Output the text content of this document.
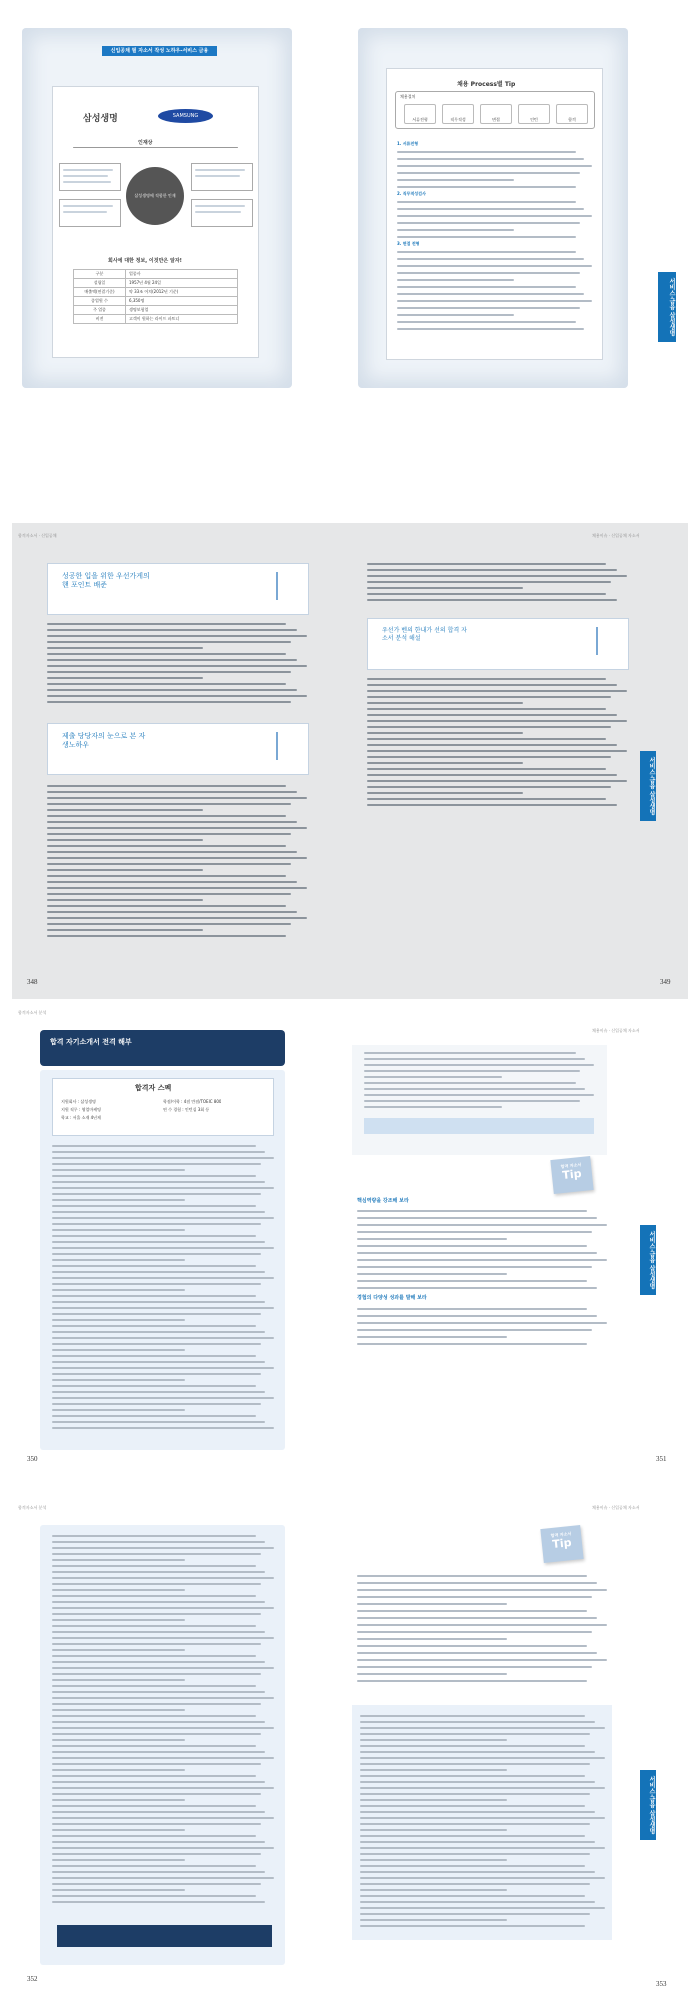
신입공채 필 자소서 작성 노하우-서비스 금융
삼성생명	SAMSUNG
인재상
삼성생명에 적합한 인재
회사에 대한 정보, 이것만은 알자!
구분	업종사
설립일	1957년 4월 24일
매출액(연결기준)	약 33조 어치(2012년 기준)
종업원 수	6,350명
주 업종	생명보험업
비전	고객이 원하는 라이프 파트너
채용 Process별 Tip
채용절차
서류전형	직무적성	면접	인턴	합격
1. 서류전형
2. 직무적성검사
3. 면접 전형
서비스·금융 삼성생명
합격자소서 · 신입공채	채용이슈 · 신입공채 자소서
성공한 입을 위한 우선가게의 핸 포인트 배준
제출 당당자의 눈으로 본 자 생노하우
348
우선가 벤의 한내가 선의 합격 자소서 분석 해설
서비스·금융 삼성생명
349
합격자소서 분석
채용이슈 · 신입공채 자소서
합격 자기소개서 전격 해부
합격자 스펙
지원회사 : 삼성생명	학점/어학 : 4점 만점/TOEIC 800
지원 직무 : 영업마케팅	연 수 경험 : 인턴십 3회 등
학교 : 서울 소재 4년제
350
합격 자소서
Tip
핵심역량을 강조해 보라
경험의 다양성 성과를 말해 보라
서비스·금융 삼성생명
351
합격자소서 분석	채용이슈 · 신입공채 자소서
352
합격 자소서
Tip
서비스·금융 삼성생명
353
